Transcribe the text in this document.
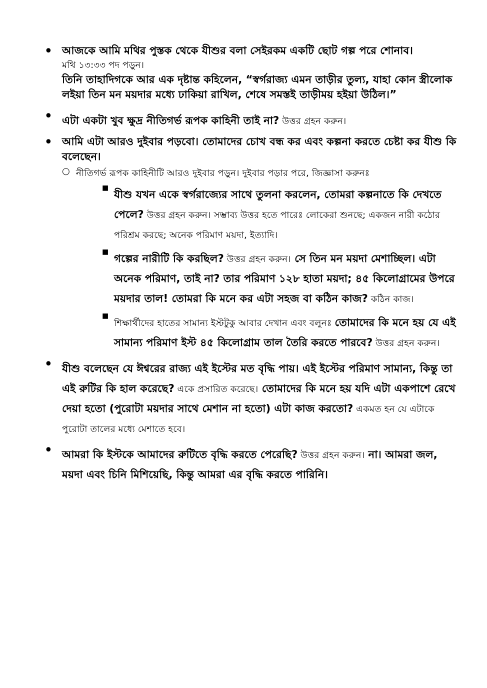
• আজকে আমি মথির পুস্তক থেকে যীশুর বলা সেইরকম একটি ছোট গল্প পরে শোনাব।

মথি ১৩:৩৩ পদ পড়ুন।

তিনি তাহাদিগকে আর এক দৃষ্টান্ত কহিলেন, “স্বর্গরাজ্য এমন তাড়ীর তুল্য, যাহা কোন স্ত্রীলোক লইয়া তিন মন ময়দার মধ্যে ঢাকিয়া রাখিল, শেষে সমস্তই তাড়ীময় হইয়া উঠিল।”

• এটা একটা খুব ক্ষুদ্র নীতিগর্ভ রূপক কাহিনী তাই না? উত্তর গ্রহন করুন।

• আমি এটা আরও দুইবার পড়বো। তোমাদের চোখ বন্ধ কর এবং কল্পনা করতে চেষ্টা কর যীশু কি বলেছেন।

○ নীতিগর্ভ রূপক কাহিনীটি আরও দুইবার পড়ুন। দুইবার পড়ার পরে, জিজ্ঞাসা করুনঃ

■ যীশু যখন একে স্বর্গরাজ্যের সাথে তুলনা করলেন, তোমরা কল্পনাতে কি দেখতে পেলে? উত্তর গ্রহন করুন। সম্ভাব্য উত্তর হতে পারেঃ লোকেরা শুনছে; একজন নারী কঠোর পরিশ্রম করছে; অনেক পরিমাণ ময়দা, ইত্যাদি।

■ গল্পের নারীটি কি করছিল? উত্তর গ্রহন করুন। সে তিন মন ময়দা মেশাচ্ছিল। এটা অনেক পরিমাণ, তাই না? তার পরিমাণ ১২৮ হাতা ময়দা; ৪৫ কিলোগ্রামের উপরে ময়দার তাল! তোমরা কি মনে কর এটা সহজ বা কঠিন কাজ? কঠিন কাজ।

■ শিক্ষার্থীদের হাতের সামান্য ইস্টটুকু আবার দেখান এবং বলুনঃ তোমাদের কি মনে হয় যে এই সামান্য পরিমাণ ইস্ট ৪৫ কিলোগ্রাম তাল তৈরি করতে পারবে? উত্তর গ্রহন করুন।

• যীশু বলেছেন যে ঈশ্বরের রাজ্য এই ইস্টের মত বৃদ্ধি পায়। এই ইস্টের পরিমাণ সামান্য, কিন্তু তা এই রুটির কি হাল করেছে? একে প্রসারিত করেছে। তোমাদের কি মনে হয় যদি এটা একপাশে রেখে দেয়া হতো (পুরোটা ময়দার সাথে মেশান না হতো) এটা কাজ করতো? একমত হন যে এটাকে পুরোটা তালের মধ্যে মেশাতে হবে।

• আমরা কি ইস্টকে আমাদের রুটিতে বৃদ্ধি করতে পেরেছি? উত্তর গ্রহন করুন। না। আমরা জল, ময়দা এবং চিনি মিশিয়েছি, কিন্তু আমরা এর বৃদ্ধি করতে পারিনি।
